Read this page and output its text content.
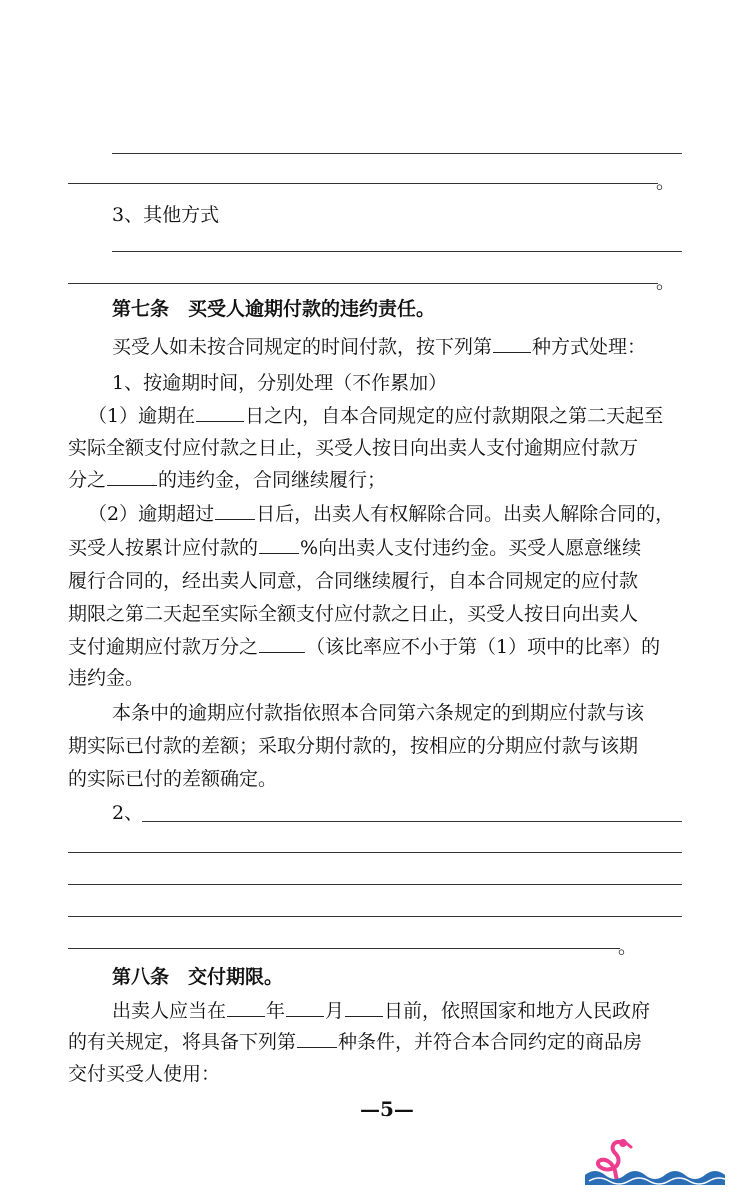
。
3、其他方式
。
第七条　买受人逾期付款的违约责任。
买受人如未按合同规定的时间付款，按下列第 种方式处理：
1、按逾期时间，分别处理（不作累加）
（1）逾期在	日之内，自本合同规定的应付款期限之第二天起至
实际全额支付应付款之日止，买受人按日向出卖人支付逾期应付款万
分之	的违约金，合同继续履行；
（2）逾期超过 日后，出卖人有权解除合同。出卖人解除合同的，
买受人按累计应付款的 %向出卖人支付违约金。买受人愿意继续
履行合同的，经出卖人同意，合同继续履行，自本合同规定的应付款
期限之第二天起至实际全额支付应付款之日止，买受人按日向出卖人
支付逾期应付款万分之	（该比率应不小于第（1）项中的比率）的
违约金。
本条中的逾期应付款指依照本合同第六条规定的到期应付款与该
期实际已付款的差额；采取分期付款的，按相应的分期应付款与该期
的实际已付的差额确定。
2、
。
第八条　交付期限。
出卖人应当在 年 月 日前，依照国家和地方人民政府
的有关规定，将具备下列第 种条件，并符合本合同约定的商品房
交付买受人使用：
—5—
